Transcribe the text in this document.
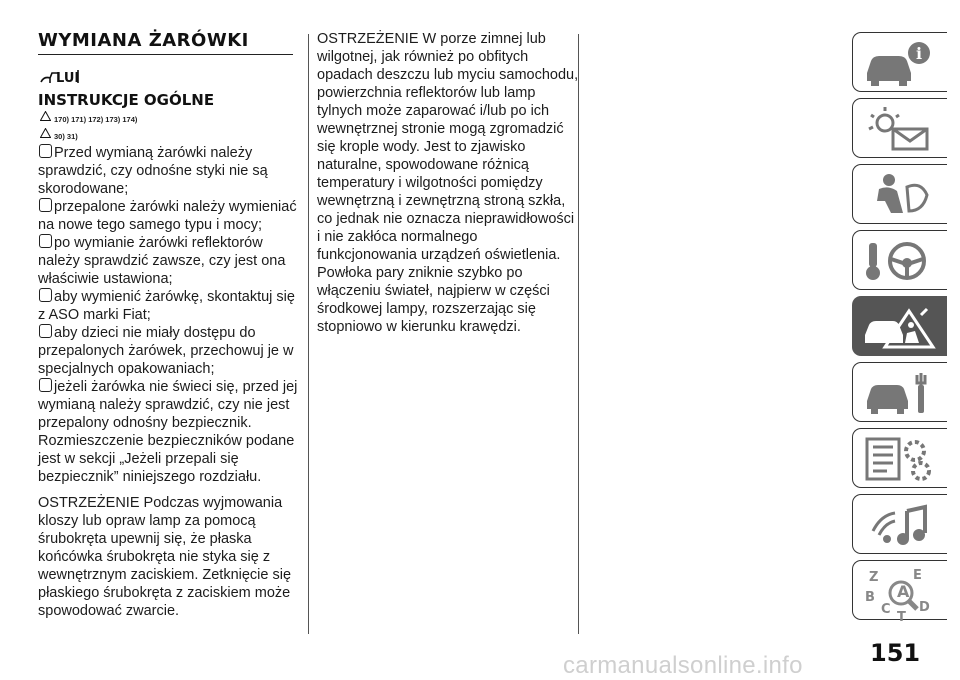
WYMIANA ŻARÓWKI
LUI
INSTRUKCJE OGÓLNE
170) 171) 172) 173) 174)
30) 31)

Przed wymianą żarówki należy sprawdzić, czy odnośne styki nie są skorodowane;

przepalone żarówki należy wymieniać na nowe tego samego typu i mocy;

po wymianie żarówki reflektorów należy sprawdzić zawsze, czy jest ona właściwie ustawiona;

aby wymienić żarówkę, skontaktuj się z ASO marki Fiat;

aby dzieci nie miały dostępu do przepalonych żarówek, przechowuj je w specjalnych opakowaniach;

jeżeli żarówka nie świeci się, przed jej wymianą należy sprawdzić, czy nie jest przepalony odnośny bezpiecznik. Rozmieszczenie bezpieczników podane jest w sekcji „Jeżeli przepali się bezpiecznik” niniejszego rozdziału.

OSTRZEŻENIE Podczas wyjmowania kloszy lub opraw lamp za pomocą śrubokręta upewnij się, że płaska końcówka śrubokręta nie styka się z wewnętrznym zaciskiem. Zetknięcie się płaskiego śrubokręta z zaciskiem może spowodować zwarcie.

OSTRZEŻENIE W porze zimnej lub wilgotnej, jak również po obfitych opadach deszczu lub myciu samochodu, powierzchnia reflektorów lub lamp tylnych może zaparować i/lub po ich wewnętrznej stronie mogą zgromadzić się krople wody. Jest to zjawisko naturalne, spowodowane różnicą temperatury i wilgotności pomiędzy wewnętrzną i zewnętrzną stroną szkła, co jednak nie oznacza nieprawidłowości i nie zakłóca normalnego funkcjonowania urządzeń oświetlenia. Powłoka pary zniknie szybko po włączeniu świateł, najpierw w części środkowej lampy, rozszerzając się stopniowo w kierunku krawędzi.

i
Z	E
A
B
C D
T
151
carmanualsonline.info
